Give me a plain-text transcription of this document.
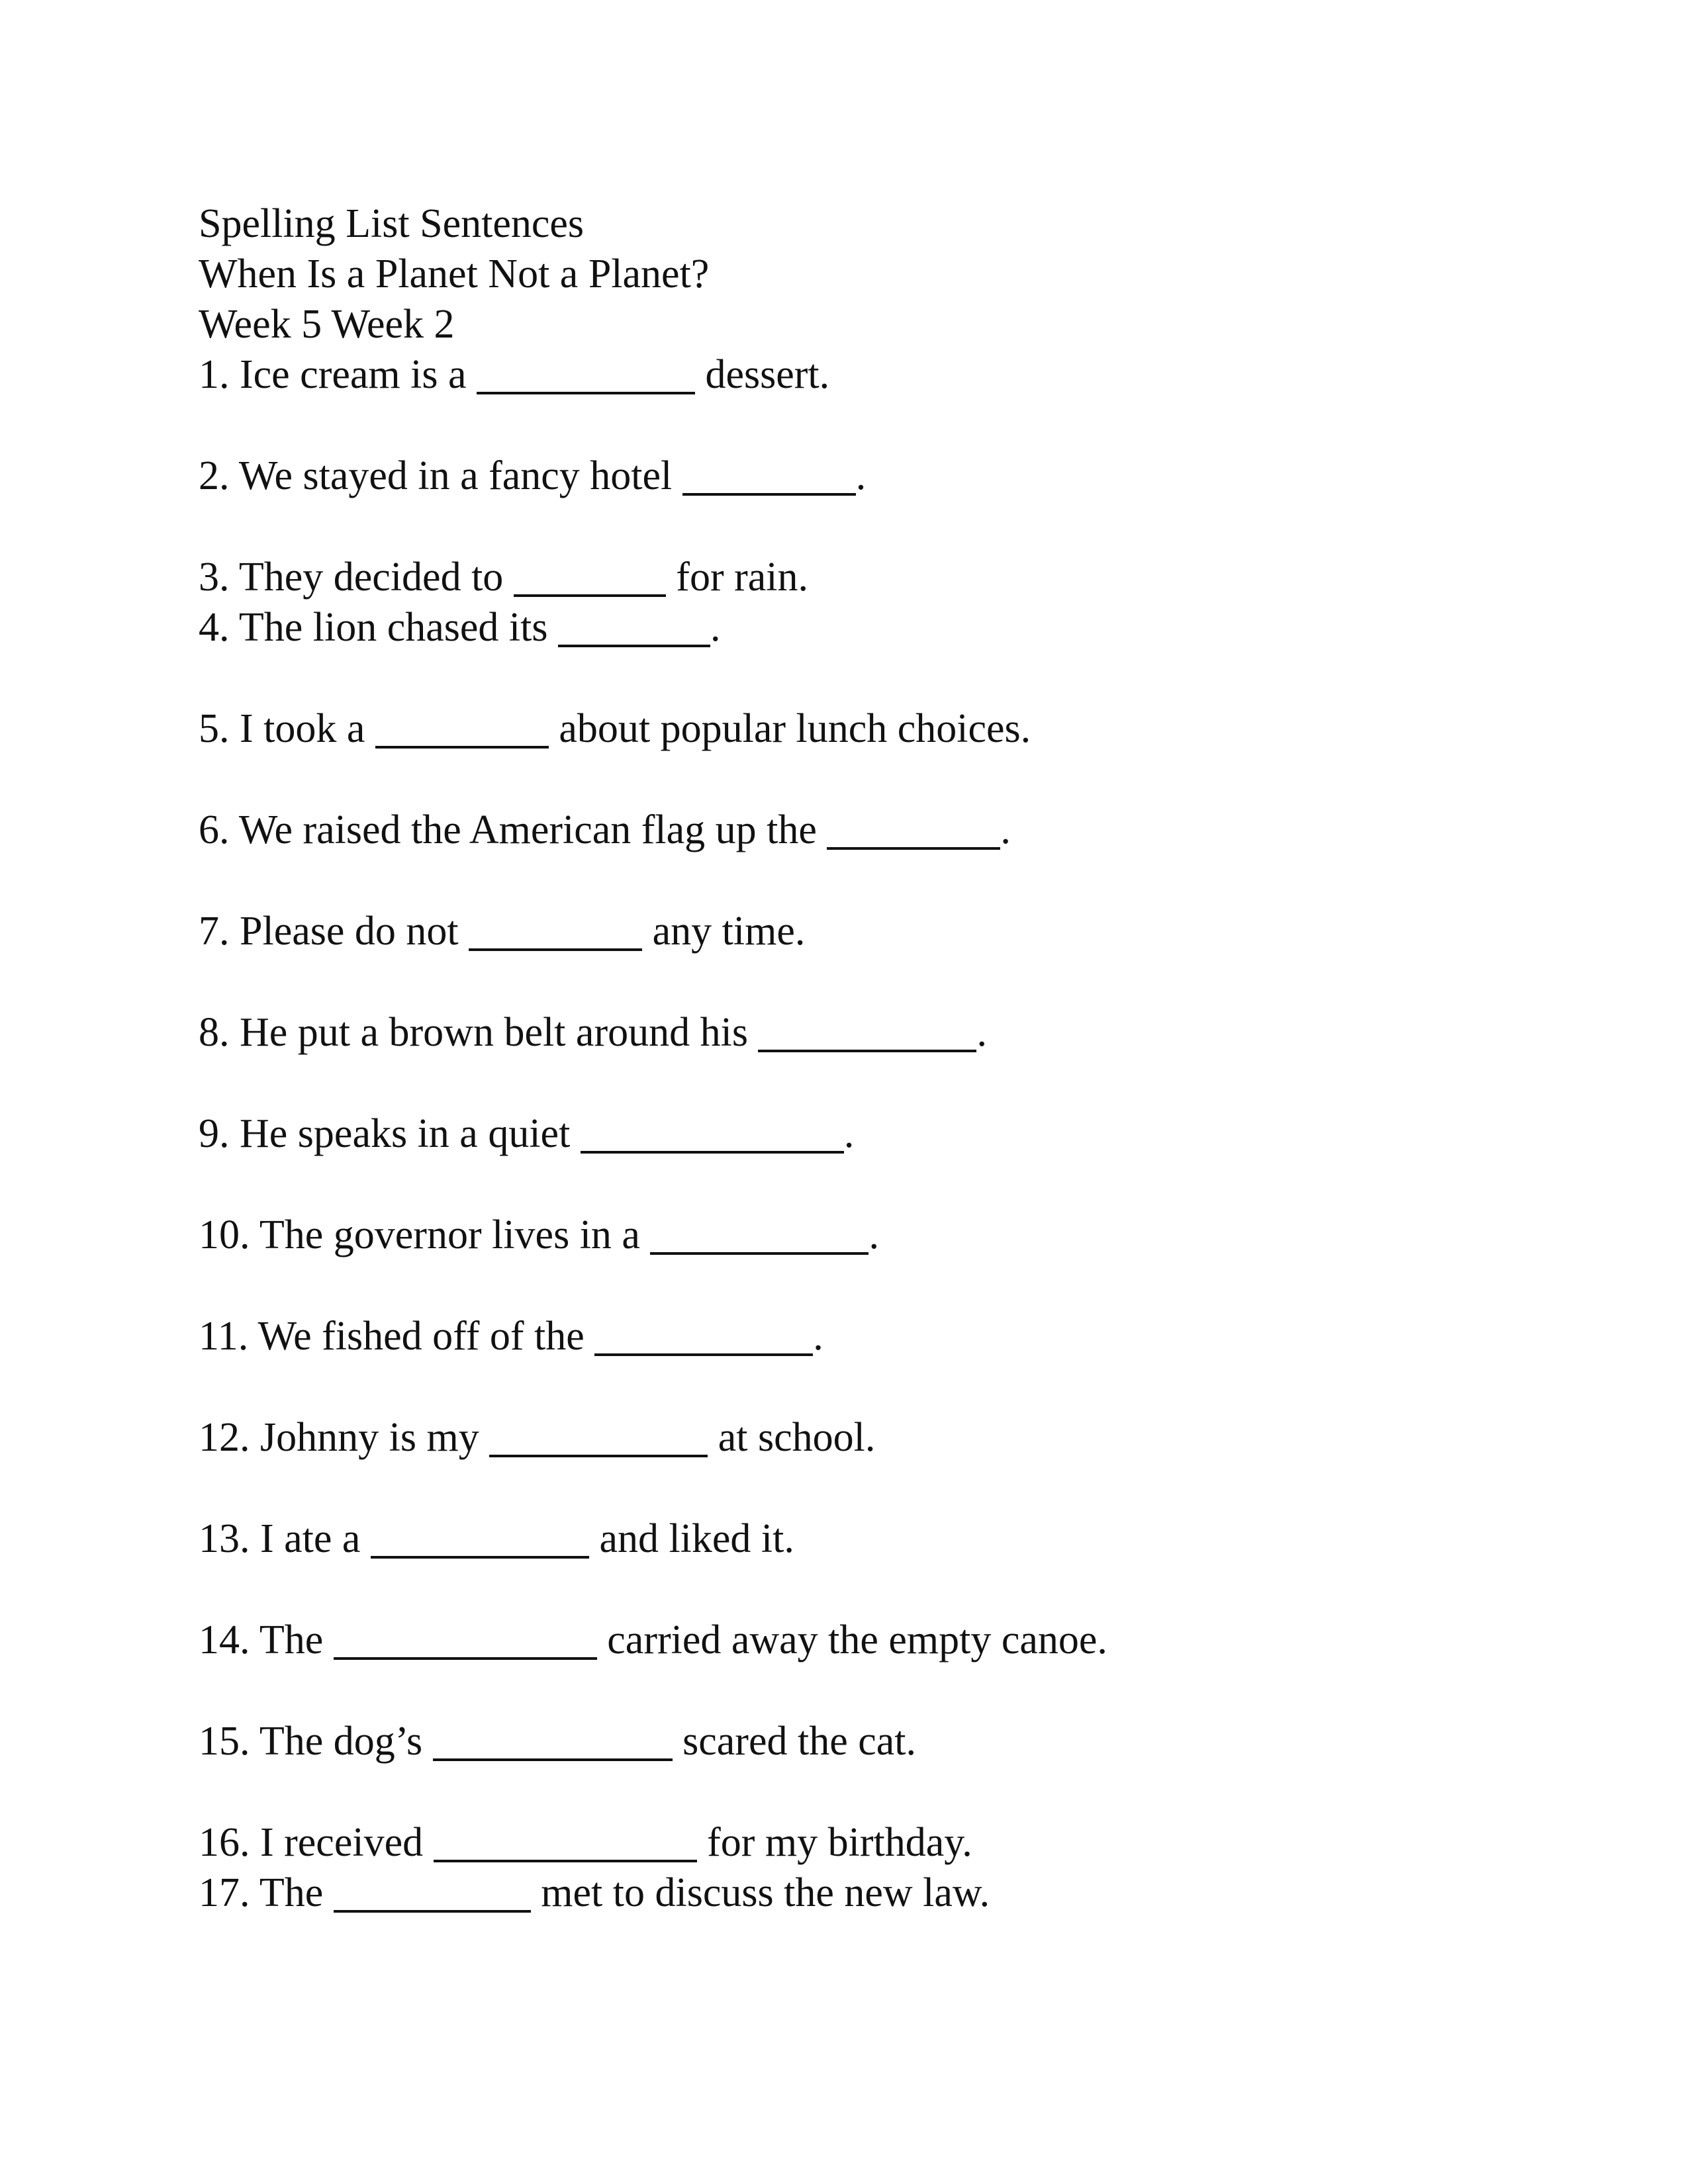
Spelling List Sentences
When Is a Planet Not a Planet?
Week 5 Week 2
1. Ice cream is a	dessert.
2. We stayed in a fancy hotel	.
3. They decided to	for rain.
4. The lion chased its	.
5. I took a	about popular lunch choices.
6. We raised the American flag up the	.
7. Please do not	any time.
8. He put a brown belt around his	.
9. He speaks in a quiet	.
10. The governor lives in a	.
11. We fished off of the	.
12. Johnny is my	at school.
13. I ate a	and liked it.
14. The	carried away the empty canoe.
15. The dog’s	scared the cat.
16. I received	for my birthday.
17. The	met to discuss the new law.
